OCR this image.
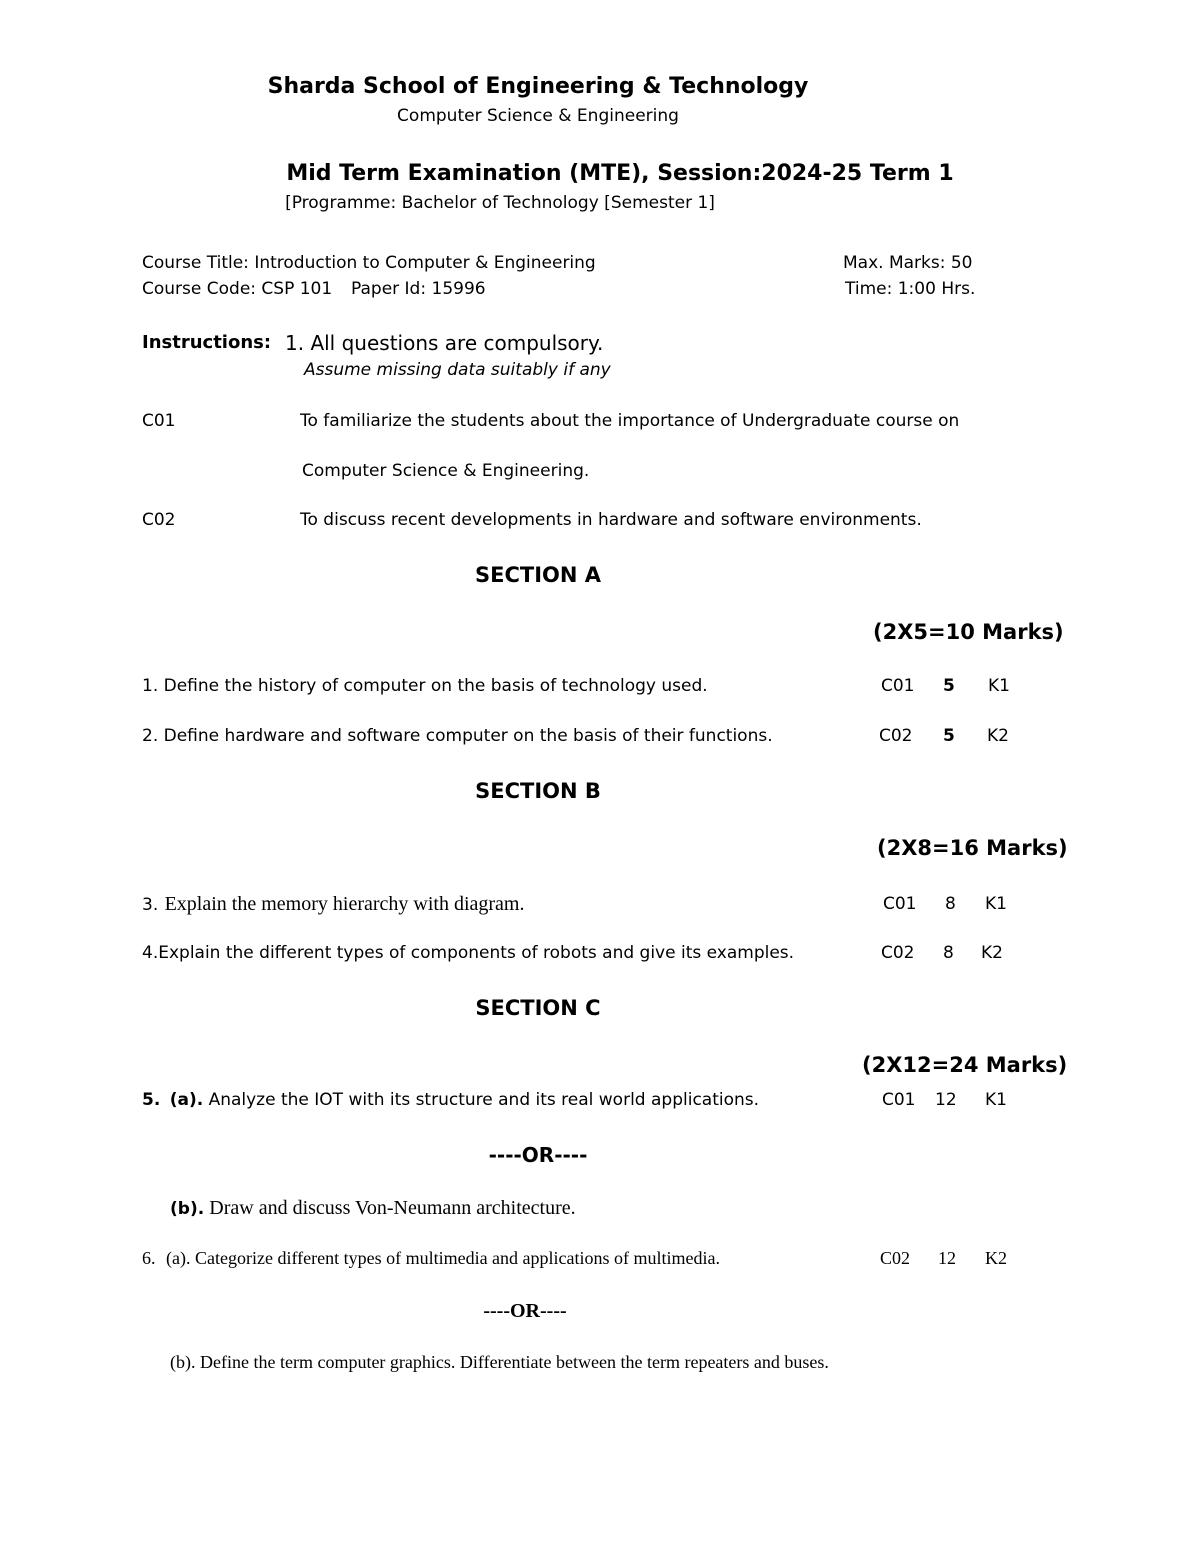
Sharda School of Engineering & Technology
Computer Science & Engineering
Mid Term Examination (MTE), Session:2024-25 Term 1
[Programme: Bachelor of Technology [Semester 1]
Course Title: Introduction to Computer & Engineering
Course Code: CSP 101 Paper Id: 15996
Max. Marks: 50
Time: 1:00 Hrs.
Instructions: 1. All questions are compulsory.
Assume missing data suitably if any
C01	To familiarize the students about the importance of Undergraduate course on
Computer Science & Engineering.
C02	To discuss recent developments in hardware and software environments.
SECTION A
(2X5=10 Marks)
1. Define the history of computer on the basis of technology used.	C01 5 K1
2. Define hardware and software computer on the basis of their functions.	C02 5 K2
SECTION B
(2X8=16 Marks)
3. Explain the memory hierarchy with diagram.	C01 8 K1
4.Explain the different types of components of robots and give its examples.	C02 8 K2
SECTION C
(2X12=24 Marks)
5. (a). Analyze the IOT with its structure and its real world applications.	C01 12 K1
----OR----
(b). Draw and discuss Von-Neumann architecture.
6. (a). Categorize different types of multimedia and applications of multimedia.	C02 12 K2
----OR----
(b). Define the term computer graphics. Differentiate between the term repeaters and buses.
